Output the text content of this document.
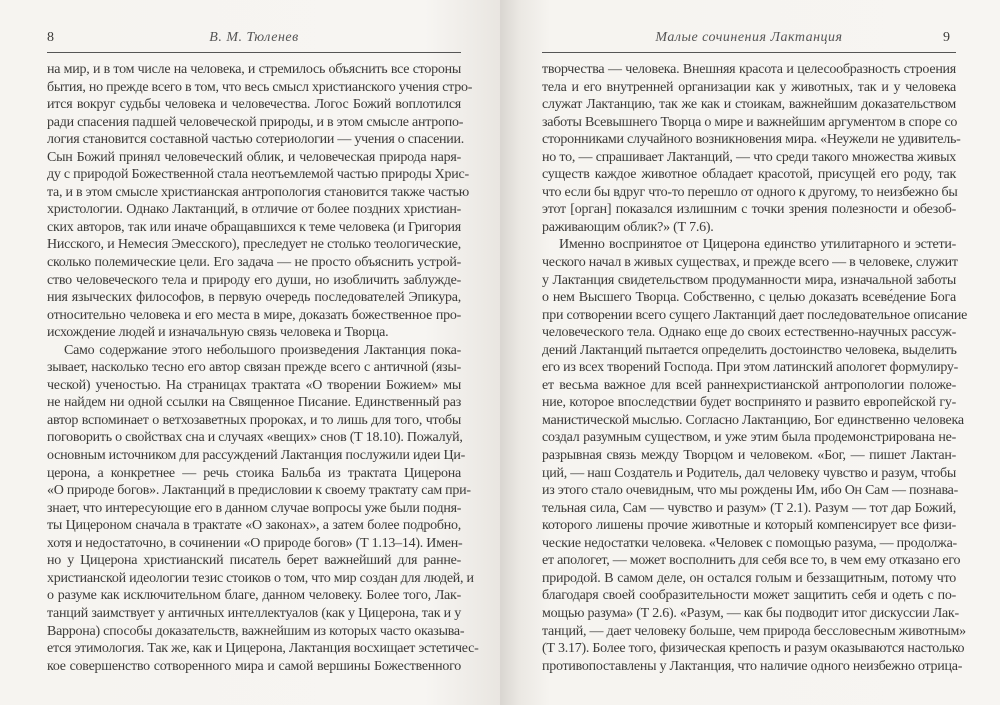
8	В. М. Тюленев
на мир, и в том числе на человека, и стремилось объяснить все стороны
бытия, но прежде всего в том, что весь смысл христианского учения стро-
ится вокруг судьбы человека и человечества. Логос Божий воплотился
ради спасения падшей человеческой природы, и в этом смысле антропо-
логия становится составной частью сотериологии — учения о спасении.
Сын Божий принял человеческий облик, и человеческая природа наря-
ду с природой Божественной стала неотъемлемой частью природы Хрис-
та, и в этом смысле христианская антропология становится также частью
христологии. Однако Лактанций, в отличие от более поздних христиан-
ских авторов, так или иначе обращавшихся к теме человека (и Григория
Нисского, и Немесия Эмесского), преследует не столько теологические,
сколько полемические цели. Его задача — не просто объяснить устрой-
ство человеческого тела и природу его души, но изобличить заблужде-
ния языческих философов, в первую очередь последователей Эпикура,
относительно человека и его места в мире, доказать божественное про-
исхождение людей и изначальную связь человека и Творца.
Само содержание этого небольшого произведения Лактанция пока-
зывает, насколько тесно его автор связан прежде всего с античной (язы-
ческой) ученостью. На страницах трактата «О творении Божием» мы
не найдем ни одной ссылки на Священное Писание. Единственный раз
автор вспоминает о ветхозаветных пророках, и то лишь для того, чтобы
поговорить о свойствах сна и случаях «вещих» снов (Т 18.10). Пожалуй,
основным источником для рассуждений Лактанция послужили идеи Ци-
церона, а конкретнее — речь стоика Бальба из трактата Цицерона
«О природе богов». Лактанций в предисловии к своему трактату сам при-
знает, что интересующие его в данном случае вопросы уже были подня-
ты Цицероном сначала в трактате «О законах», а затем более подробно,
хотя и недостаточно, в сочинении «О природе богов» (Т 1.13–14). Имен-
но у Цицерона христианский писатель берет важнейший для ранне-
христианской идеологии тезис стоиков о том, что мир создан для людей, и
о разуме как исключительном благе, данном человеку. Более того, Лак-
танций заимствует у античных интеллектуалов (как у Цицерона, так и у
Варрона) способы доказательств, важнейшим из которых часто оказыва-
ется этимология. Так же, как и Цицерона, Лактанция восхищает эстетичес-
кое совершенство сотворенного мира и самой вершины Божественного
Малые сочинения Лактанция	9
творчества — человека. Внешняя красота и целесообразность строения
тела и его внутренней организации как у животных, так и у человека
служат Лактанцию, так же как и стоикам, важнейшим доказательством
заботы Всевышнего Творца о мире и важнейшим аргументом в споре со
сторонниками случайного возникновения мира. «Неужели не удивитель-
но то, — спрашивает Лактанций, — что среди такого множества живых
существ каждое животное обладает красотой, присущей его роду, так
что если бы вдруг что-то перешло от одного к другому, то неизбежно бы
этот [орган] показался излишним с точки зрения полезности и обезоб-
раживающим облик?» (Т 7.6).
Именно воспринятое от Цицерона единство утилитарного и эстети-
ческого начал в живых существах, и прежде всего — в человеке, служит
у Лактанция свидетельством продуманности мира, изначальной заботы
о нем Высшего Творца. Собственно, с целью доказать всеве́дение Бога
при сотворении всего сущего Лактанций дает последовательное описание
человеческого тела. Однако еще до своих естественно-научных рассуж-
дений Лактанций пытается определить достоинство человека, выделить
его из всех творений Господа. При этом латинский апологет формулиру-
ет весьма важное для всей раннехристианской антропологии положе-
ние, которое впоследствии будет воспринято и развито европейской гу-
манистической мыслью. Согласно Лактанцию, Бог единственно человека
создал разумным существом, и уже этим была продемонстрирована не-
разрывная связь между Творцом и человеком. «Бог, — пишет Лактан-
ций, — наш Создатель и Родитель, дал человеку чувство и разум, чтобы
из этого стало очевидным, что мы рождены Им, ибо Он Сам — познава-
тельная сила, Сам — чувство и разум» (Т 2.1). Разум — тот дар Божий,
которого лишены прочие животные и который компенсирует все физи-
ческие недостатки человека. «Человек с помощью разума, — продолжа-
ет апологет, — может восполнить для себя все то, в чем ему отказано его
природой. В самом деле, он остался голым и беззащитным, потому что
благодаря своей сообразительности может защитить себя и одеть с по-
мощью разума» (Т 2.6). «Разум, — как бы подводит итог дискуссии Лак-
танций, — дает человеку больше, чем природа бессловесным животным»
(Т 3.17). Более того, физическая крепость и разум оказываются настолько
противопоставлены у Лактанция, что наличие одного неизбежно отрица-
